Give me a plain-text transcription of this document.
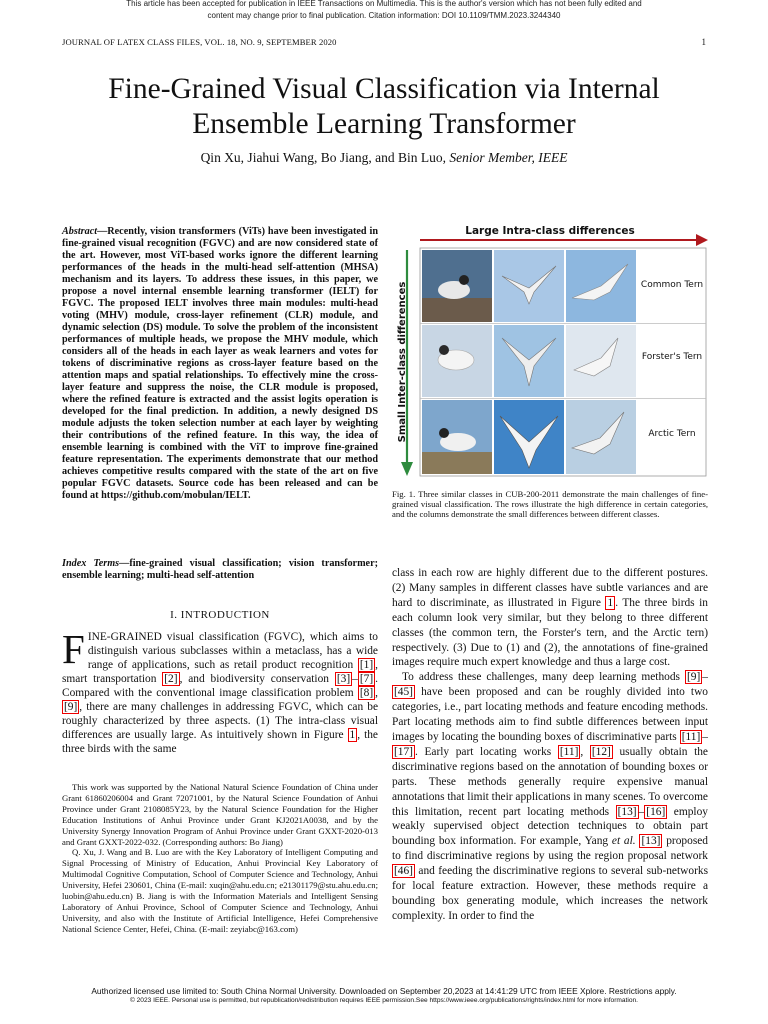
This article has been accepted for publication in IEEE Transactions on Multimedia. This is the author's version which has not been fully edited and
content may change prior to final publication. Citation information: DOI 10.1109/TMM.2023.3244340
JOURNAL OF LATEX CLASS FILES, VOL. 18, NO. 9, SEPTEMBER 2020	1
Fine-Grained Visual Classification via Internal
Ensemble Learning Transformer
Qin Xu, Jiahui Wang, Bo Jiang, and Bin Luo, Senior Member, IEEE
Abstract—Recently, vision transformers (ViTs) have been investigated in fine-grained visual recognition (FGVC) and are now considered state of the art. However, most ViT-based works ignore the different learning performances of the heads in the multi-head self-attention (MHSA) mechanism and its layers. To address these issues, in this paper, we propose a novel internal ensemble learning transformer (IELT) for FGVC. The proposed IELT involves three main modules: multi-head voting (MHV) module, cross-layer refinement (CLR) module, and dynamic selection (DS) module. To solve the problem of the inconsistent performances of multiple heads, we propose the MHV module, which considers all of the heads in each layer as weak learners and votes for tokens of discriminative regions as cross-layer feature based on the attention maps and spatial relationships. To effectively mine the cross-layer feature and suppress the noise, the CLR module is proposed, where the refined feature is extracted and the assist logits operation is developed for the final prediction. In addition, a newly designed DS module adjusts the token selection number at each layer by weighting their contributions of the refined feature. In this way, the idea of ensemble learning is combined with the ViT to improve fine-grained feature representation. The experiments demonstrate that our method achieves competitive results compared with the state of the art on five popular FGVC datasets. Source code has been released and can be found at https://github.com/mobulan/IELT.
Index Terms—fine-grained visual classification; vision transformer; ensemble learning; multi-head self-attention
I. INTRODUCTION
FINE-GRAINED visual classification (FGVC), which aims to distinguish various subclasses within a metaclass, has a wide range of applications, such as retail product recognition [1] , smart transportation [2] , and biodiversity conservation [3] – [7] . Compared with the conventional image classification problem [8] , [9] , there are many challenges in addressing FGVC, which can be roughly characterized by three aspects. (1) The intra-class visual differences are usually large. As intuitively shown in Figure 1 , the three birds with the same

This work was supported by the National Natural Science Foundation of China under Grant 61860206004 and Grant 72071001, by the Natural Science Foundation of Anhui Province under Grant 2108085Y23, by the Natural Science Foundation for the Higher Education Institutions of Anhui Province under Grant KJ2021A0038, and by the University Synergy Innovation Program of Anhui Province under Grant GXXT-2020-013 and Grant GXXT-2022-032. (Corresponding authors: Bo Jiang)

Q. Xu, J. Wang and B. Luo are with the Key Laboratory of Intelligent Computing and Signal Processing of Ministry of Education, Anhui Provincial Key Laboratory of Multimodal Cognitive Computation, School of Computer Science and Technology, Anhui University, Hefei 230601, China (E-mail: xuqin@ahu.edu.cn; e21301179@stu.ahu.edu.cn; luobin@ahu.edu.cn) B. Jiang is with the Information Materials and Intelligent Sensing Laboratory of Anhui Province, School of Computer Science and Technology, Anhui University, and also with the Institute of Artificial Intelligence, Hefei Comprehensive National Science Center, Hefei, China. (E-mail: zeyiabc@163.com)

Large Intra-class differences
Small Inter-class differences	Common Tern
Forster's Tern
Arctic Tern
Fig. 1. Three similar classes in CUB-200-2011 demonstrate the main challenges of fine-grained visual classification. The rows illustrate the high difference in certain categories, and the columns demonstrate the small differences between different classes.

class in each row are highly different due to the different postures. (2) Many samples in different classes have subtle variances and are hard to discriminate, as illustrated in Figure 1 . The three birds in each column look very similar, but they belong to three different classes (the common tern, the Forster's tern, and the Arctic tern) respectively. (3) Due to (1) and (2), the annotations of fine-grained images require much expert knowledge and thus a large cost.

To address these challenges, many deep learning methods [9] –[45] have been proposed and can be roughly divided into two categories, i.e., part locating methods and feature encoding methods. Part locating methods aim to find subtle differences between input images by locating the bounding boxes of discriminative parts [11] –[17] . Early part locating works [11] , [12] usually obtain the discriminative regions based on the annotation of bounding boxes or parts. These methods generally require expensive manual annotations that limit their applications in many scenes. To overcome this limitation, recent part locating methods [13] – [16] employ weakly supervised object detection techniques to obtain part bounding box information. For example, Yang et al. [13] proposed to find discriminative regions by using the region proposal network [46] and feeding the discriminative regions to several sub-networks for local feature extraction. However, these methods require a bounding box generating module, which increases the network complexity. In order to find the

Authorized licensed use limited to: South China Normal University. Downloaded on September 20,2023 at 14:41:29 UTC from IEEE Xplore. Restrictions apply.
© 2023 IEEE. Personal use is permitted, but republication/redistribution requires IEEE permission.See https://www.ieee.org/publications/rights/index.html for more information.
